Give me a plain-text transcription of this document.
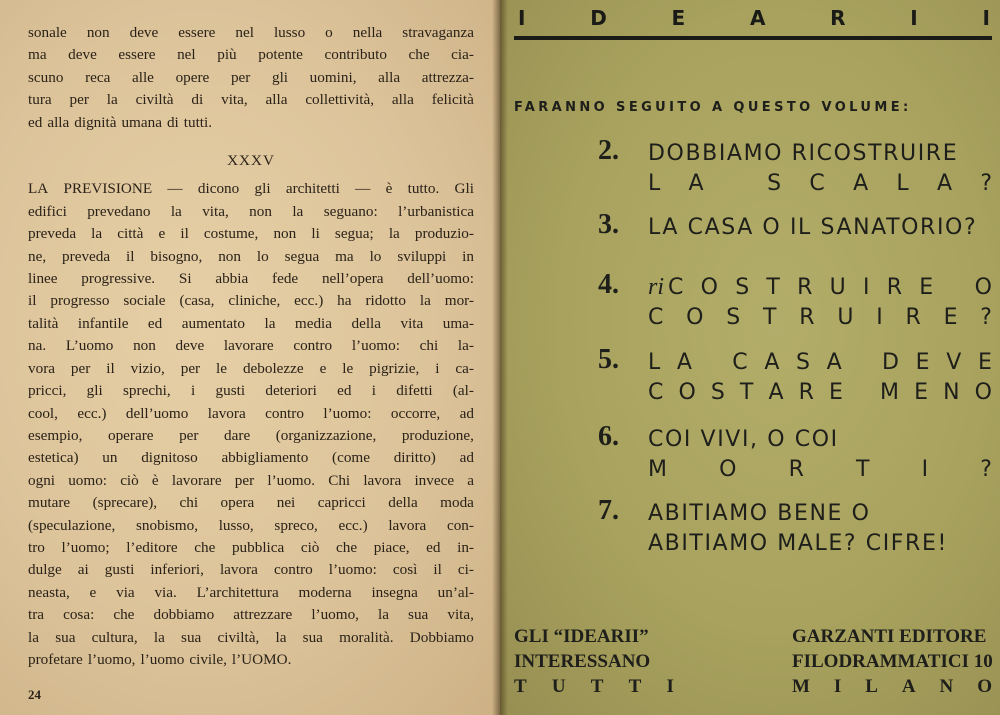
sonale non deve essere nel lusso o nella stravaganza
ma deve essere nel più potente contributo che cia-
scuno reca alle opere per gli uomini, alla attrezza-
tura per la civiltà di vita, alla collettività, alla felicità
ed alla dignità umana di tutti.

XXXV

LA PREVISIONE — dicono gli architetti — è tutto. Gli
edifici prevedano la vita, non la seguano: l’urbanistica
preveda la città e il costume, non li segua; la produzio-
ne, preveda il bisogno, non lo segua ma lo sviluppi in
linee progressive. Si abbia fede nell’opera dell’uomo:
il progresso sociale (casa, cliniche, ecc.) ha ridotto la mor-
talità infantile ed aumentato la media della vita uma-
na. L’uomo non deve lavorare contro l’uomo: chi la-
vora per il vizio, per le debolezze e le pigrizie, i ca-
pricci, gli sprechi, i gusti deteriori ed i difetti (al-
cool, ecc.) dell’uomo lavora contro l’uomo: occorre, ad
esempio, operare per dare (organizzazione, produzione,
estetica) un dignitoso abbigliamento (come diritto) ad
ogni uomo: ciò è lavorare per l’uomo. Chi lavora invece a
mutare (sprecare), chi opera nei capricci della moda
(speculazione, snobismo, lusso, spreco, ecc.) lavora con-
tro l’uomo; l’editore che pubblica ciò che piace, ed in-
dulge ai gusti inferiori, lavora contro l’uomo: così il ci-
neasta, e via via. L’architettura moderna insegna un’al-
tra cosa: che dobbiamo attrezzare l’uomo, la sua vita,
la sua cultura, la sua civiltà, la sua moralità. Dobbiamo
profetare l’uomo, l’uomo civile, l’UOMO.
24
I	D	E	A	R	I	I
FARANNO SEGUITO A QUESTO VOLUME:
2. DOBBIAMO RICOSTRUIRE
L A
	S C A L A ?
3. LA CASA O IL SANATORIO?
4. ri C O S T R U I R E
O
C O S T R U I R E ?
5. L A
C A S A
D E V E
C O S T A R E
M E N O
6. COI VIVI, O COI
M O R T I ?
7. ABITIAMO BENE O
ABITIAMO MALE? CIFRE!
GLI “IDEARII”
INTERESSANO
T U T T I
GARZANTI EDITORE
FILODRAMMATICI 10
M I L A N O
